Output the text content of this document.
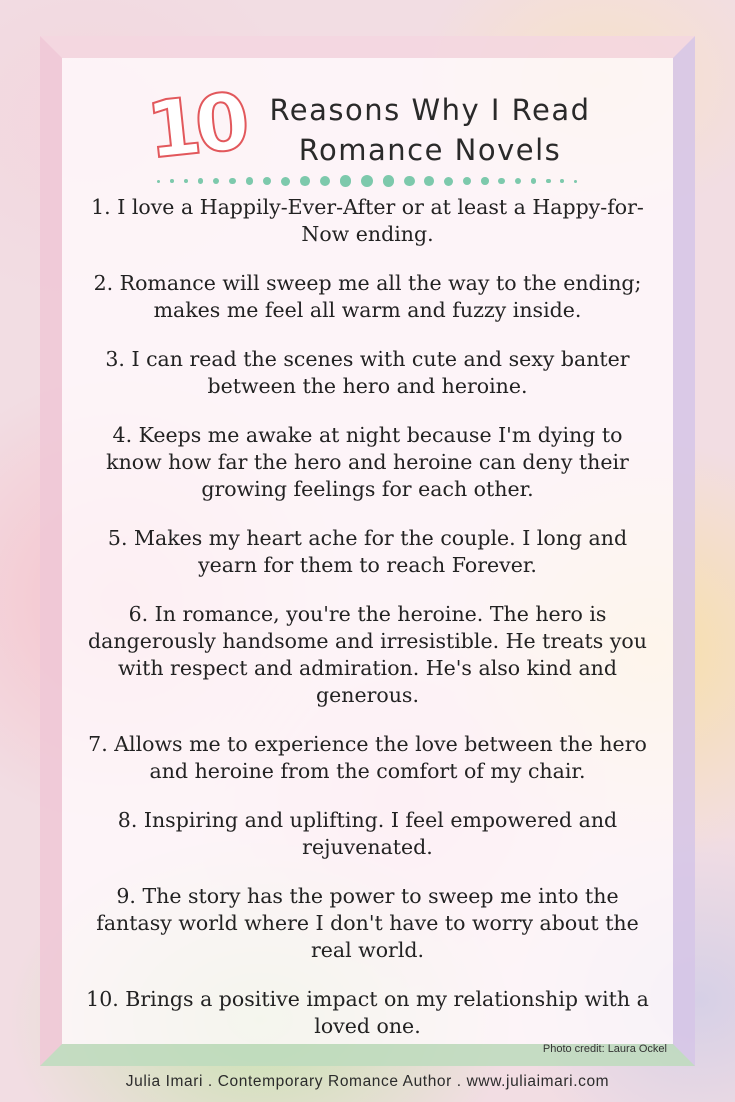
10 Reasons Why I Read
Romance Novels

1. I love a Happily-Ever-After or at least a Happy-for-Now ending.

2. Romance will sweep me all the way to the ending; makes me feel all warm and fuzzy inside.

3. I can read the scenes with cute and sexy banter between the hero and heroine.

4. Keeps me awake at night because I'm dying to know how far the hero and heroine can deny their growing feelings for each other.

5. Makes my heart ache for the couple. I long and yearn for them to reach Forever.

6. In romance, you're the heroine. The hero is dangerously handsome and irresistible. He treats you with respect and admiration. He's also kind and generous.

7. Allows me to experience the love between the hero and heroine from the comfort of my chair.

8. Inspiring and uplifting. I feel empowered and rejuvenated.

9. The story has the power to sweep me into the fantasy world where I don't have to worry about the real world.

10. Brings a positive impact on my relationship with a loved one.

Photo credit: Laura Ockel
Julia Imari . Contemporary Romance Author . www.juliaimari.com
